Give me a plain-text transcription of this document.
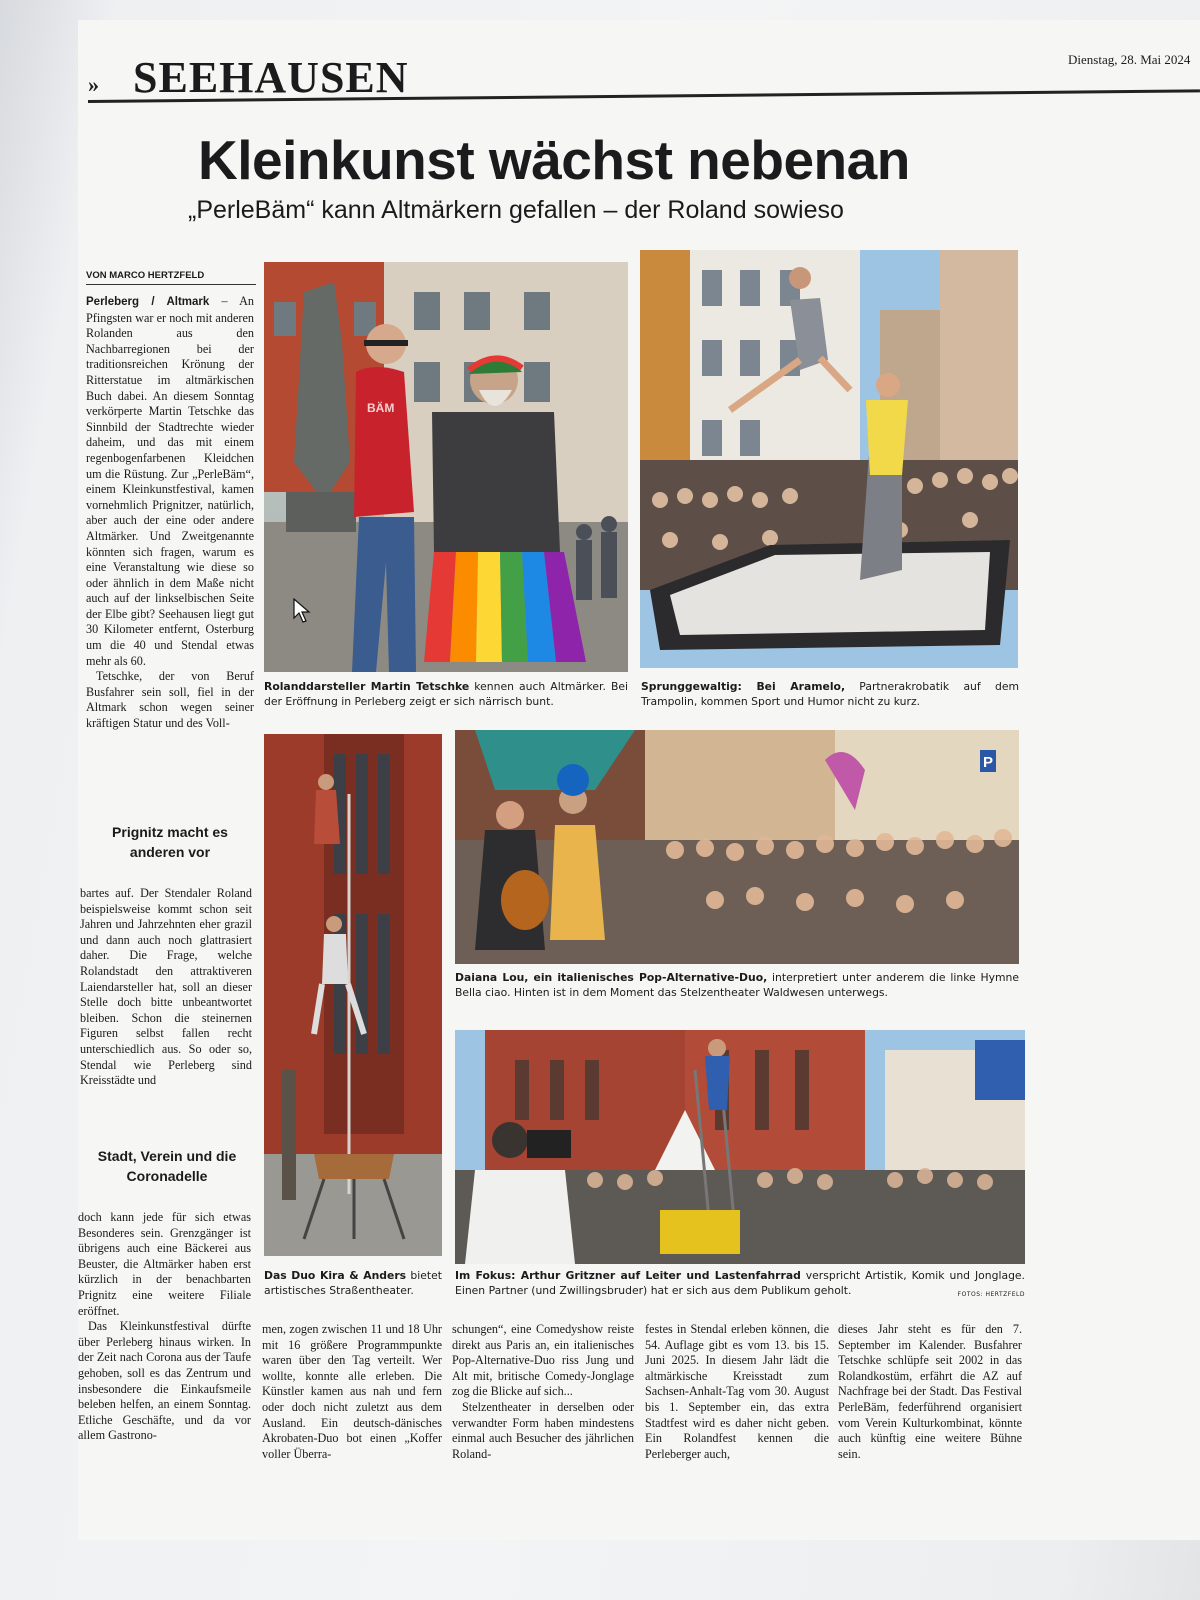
» SEEHAUSEN	Dienstag, 28. Mai 2024
Kleinkunst wächst nebenan
„PerleBäm“ kann Altmärkern gefallen – der Roland sowieso
VON MARCO HERTZFELD

Perleberg / Altmark – An Pfingsten war er noch mit anderen Rolanden aus den Nachbarregionen bei der traditionsreichen Krönung der Ritterstatue im altmärkischen Buch dabei. An diesem Sonntag verkörperte Martin Tetschke das Sinnbild der Stadtrechte wieder daheim, und das mit einem regenbogenfarbenen Kleidchen um die Rüstung. Zur „PerleBäm“, einem Kleinkunstfestival, kamen vornehmlich Prignitzer, natürlich, aber auch der eine oder andere Altmärker. Und Zweitgenannte könnten sich fragen, warum es eine Veranstaltung wie diese so oder ähnlich in dem Maße nicht auch auf der linkselbischen Seite der Elbe gibt? Seehausen liegt gut 30 Kilometer entfernt, Osterburg um die 40 und Stendal etwas mehr als 60.

Tetschke, der von Beruf Busfahrer sein soll, fiel in der Altmark schon wegen seiner kräftigen Statur und des Voll-

Prignitz macht es anderen vor

bartes auf. Der Stendaler Roland beispielsweise kommt schon seit Jahren und Jahrzehnten eher grazil und dann auch noch glattrasiert daher. Die Frage, welche Rolandstadt den attraktiveren Laiendarsteller hat, soll an dieser Stelle doch bitte unbeantwortet bleiben. Schon die steinernen Figuren selbst fallen recht unterschiedlich aus. So oder so, Stendal wie Perleberg sind Kreisstädte und

Stadt, Verein und die Coronadelle

doch kann jede für sich etwas Besonderes sein. Grenzgänger ist übrigens auch eine Bäckerei aus Beuster, die Altmärker haben erst kürzlich in der benachbarten Prignitz eine weitere Filiale eröffnet.

Das Kleinkunstfestival dürfte über Perleberg hinaus wirken. In der Zeit nach Corona aus der Taufe gehoben, soll es das Zentrum und insbesondere die Einkaufsmeile beleben helfen, an einem Sonntag. Etliche Geschäfte, und da vor allem Gastrono-

BÄM
Rolanddarsteller Martin Tetschke kennen auch Altmärker. Bei der Eröffnung in Perleberg zeigt er sich närrisch bunt.
Sprunggewaltig: Bei Aramelo, Partnerakrobatik auf dem Trampolin, kommen Sport und Humor nicht zu kurz.
P
Daiana Lou, ein italienisches Pop-Alternative-Duo, interpretiert unter anderem die linke Hymne Bella ciao. Hinten ist in dem Moment das Stelzentheater Waldwesen unterwegs.
Das Duo Kira & Anders bietet artistisches Straßentheater.
Im Fokus: Arthur Gritzner auf Leiter und Lastenfahrrad verspricht Artistik, Komik und Jonglage. Einen Partner (und Zwillingsbruder) hat er sich aus dem Publikum geholt.	FOTOS: HERTZFELD

men, zogen zwischen 11 und 18 Uhr mit 16 größere Programmpunkte waren über den Tag verteilt. Wer wollte, konnte alle erleben. Die Künstler kamen aus nah und fern oder doch nicht zuletzt aus dem Ausland. Ein deutsch-dänisches Akrobaten-Duo bot einen „Koffer voller Überra-

schungen“, eine Comedyshow reiste direkt aus Paris an, ein italienisches Pop-Alternative-Duo riss Jung und Alt mit, britische Comedy-Jonglage zog die Blicke auf sich...

Stelzentheater in derselben oder verwandter Form haben mindestens einmal auch Besucher des jährlichen Roland-

festes in Stendal erleben können, die 54. Auflage gibt es vom 13. bis 15. Juni 2025. In diesem Jahr lädt die altmärkische Kreisstadt zum Sachsen-Anhalt-Tag vom 30. August bis 1. September ein, das extra Stadtfest wird es daher nicht geben. Ein Rolandfest kennen die Perleberger auch,

dieses Jahr steht es für den 7. September im Kalender. Busfahrer Tetschke schlüpfe seit 2002 in das Rolandkostüm, erfährt die AZ auf Nachfrage bei der Stadt. Das Festival PerleBäm, federführend organisiert vom Verein Kulturkombinat, könnte auch künftig eine weitere Bühne sein.
